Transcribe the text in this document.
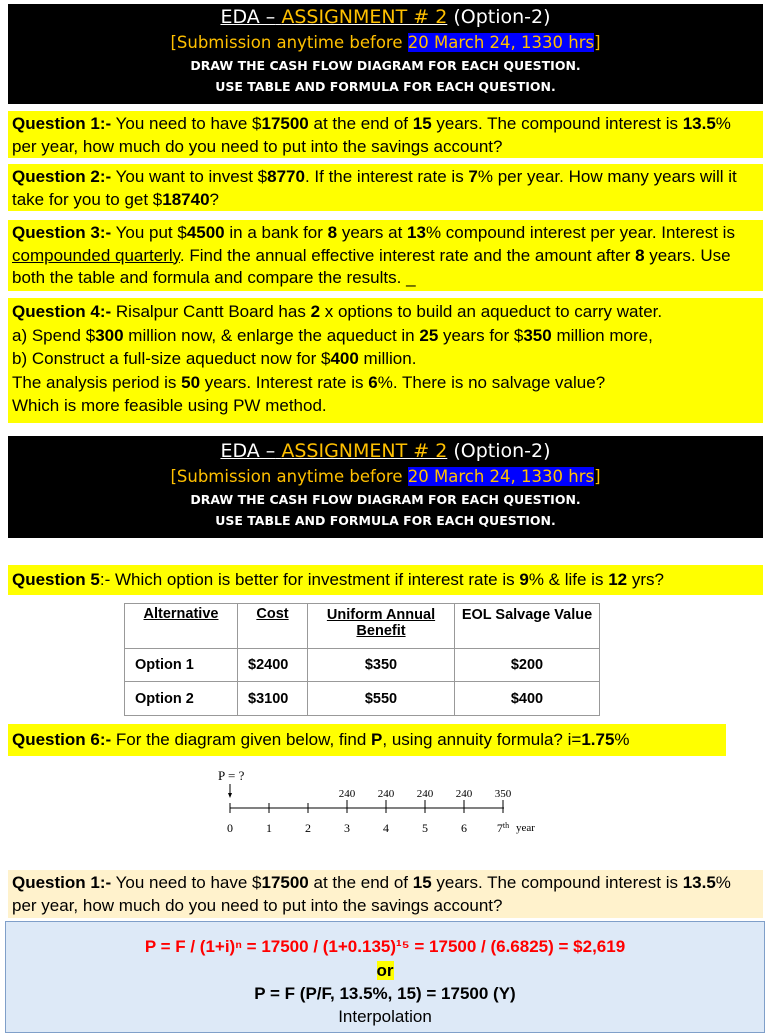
EDA – ASSIGNMENT # 2 (Option-2)
[Submission anytime before 20 March 24, 1330 hrs]
DRAW THE CASH FLOW DIAGRAM FOR EACH QUESTION.
USE TABLE AND FORMULA FOR EACH QUESTION.
Question 1:- You need to have $17500 at the end of 15 years. The compound interest is 13.5% per year, how much do you need to put into the savings account?
Question 2:- You want to invest $8770. If the interest rate is 7% per year. How many years will it take for you to get $18740?
Question 3:- You put $4500 in a bank for 8 years at 13% compound interest per year. Interest is compounded quarterly. Find the annual effective interest rate and the amount after 8 years. Use both the table and formula and compare the results. _
Question 4:- Risalpur Cantt Board has 2 x options to build an aqueduct to carry water.
a) Spend $300 million now, & enlarge the aqueduct in 25 years for $350 million more,
b) Construct a full-size aqueduct now for $400 million.
The analysis period is 50 years. Interest rate is 6%. There is no salvage value?
Which is more feasible using PW method.
EDA – ASSIGNMENT # 2 (Option-2)
[Submission anytime before 20 March 24, 1330 hrs]
DRAW THE CASH FLOW DIAGRAM FOR EACH QUESTION.
USE TABLE AND FORMULA FOR EACH QUESTION.
Question 5:- Which option is better for investment if interest rate is 9% & life is 12 yrs?
Alternative	Cost	Uniform Annual Benefit	EOL Salvage Value
Option 1	$2400	$350	$200
Option 2	$3100	$550	$400
Question 6:- For the diagram given below, find P, using annuity formula? i=1.75%
P = ?
0	1	2	3	4	5	6 7th
240 240 240 240 350
year
Question 1:- You need to have $17500 at the end of 15 years. The compound interest is 13.5% per year, how much do you need to put into the savings account?
P = F / (1+i)ⁿ = 17500 / (1+0.135)¹⁵ = 17500 / (6.6825) = $2,619
or
P = F (P/F, 13.5%, 15) = 17500 (Y)
Interpolation
